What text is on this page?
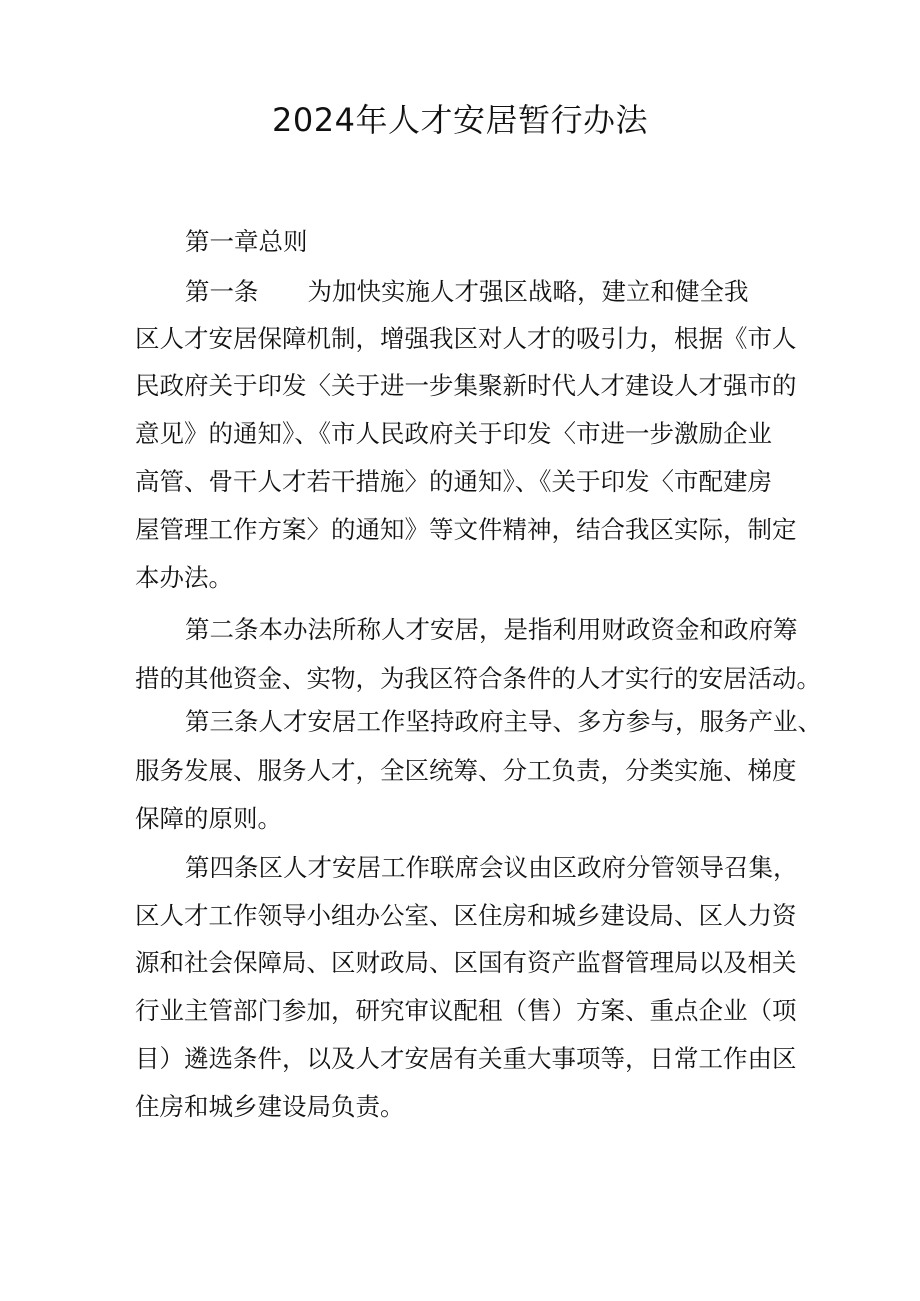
2024年人才安居暂行办法

第一章总则

第一条　　为加快实施人才强区战略，建立和健全我

区人才安居保障机制，增强我区对人才的吸引力，根据《市人

民政府关于印发〈关于进一步集聚新时代人才建设人才强市的

意见》的通知》、《市人民政府关于印发〈市进一步激励企业

高管、骨干人才若干措施〉的通知》、《关于印发〈市配建房

屋管理工作方案〉的通知》等文件精神，结合我区实际，制定

本办法。

第二条本办法所称人才安居，是指利用财政资金和政府筹

措的其他资金、实物，为我区符合条件的人才实行的安居活动。

第三条人才安居工作坚持政府主导、多方参与，服务产业、

服务发展、服务人才，全区统筹、分工负责，分类实施、梯度

保障的原则。

第四条区人才安居工作联席会议由区政府分管领导召集，

区人才工作领导小组办公室、区住房和城乡建设局、区人力资

源和社会保障局、区财政局、区国有资产监督管理局以及相关

行业主管部门参加，研究审议配租（售）方案、重点企业（项

目）遴选条件，以及人才安居有关重大事项等，日常工作由区

住房和城乡建设局负责。
